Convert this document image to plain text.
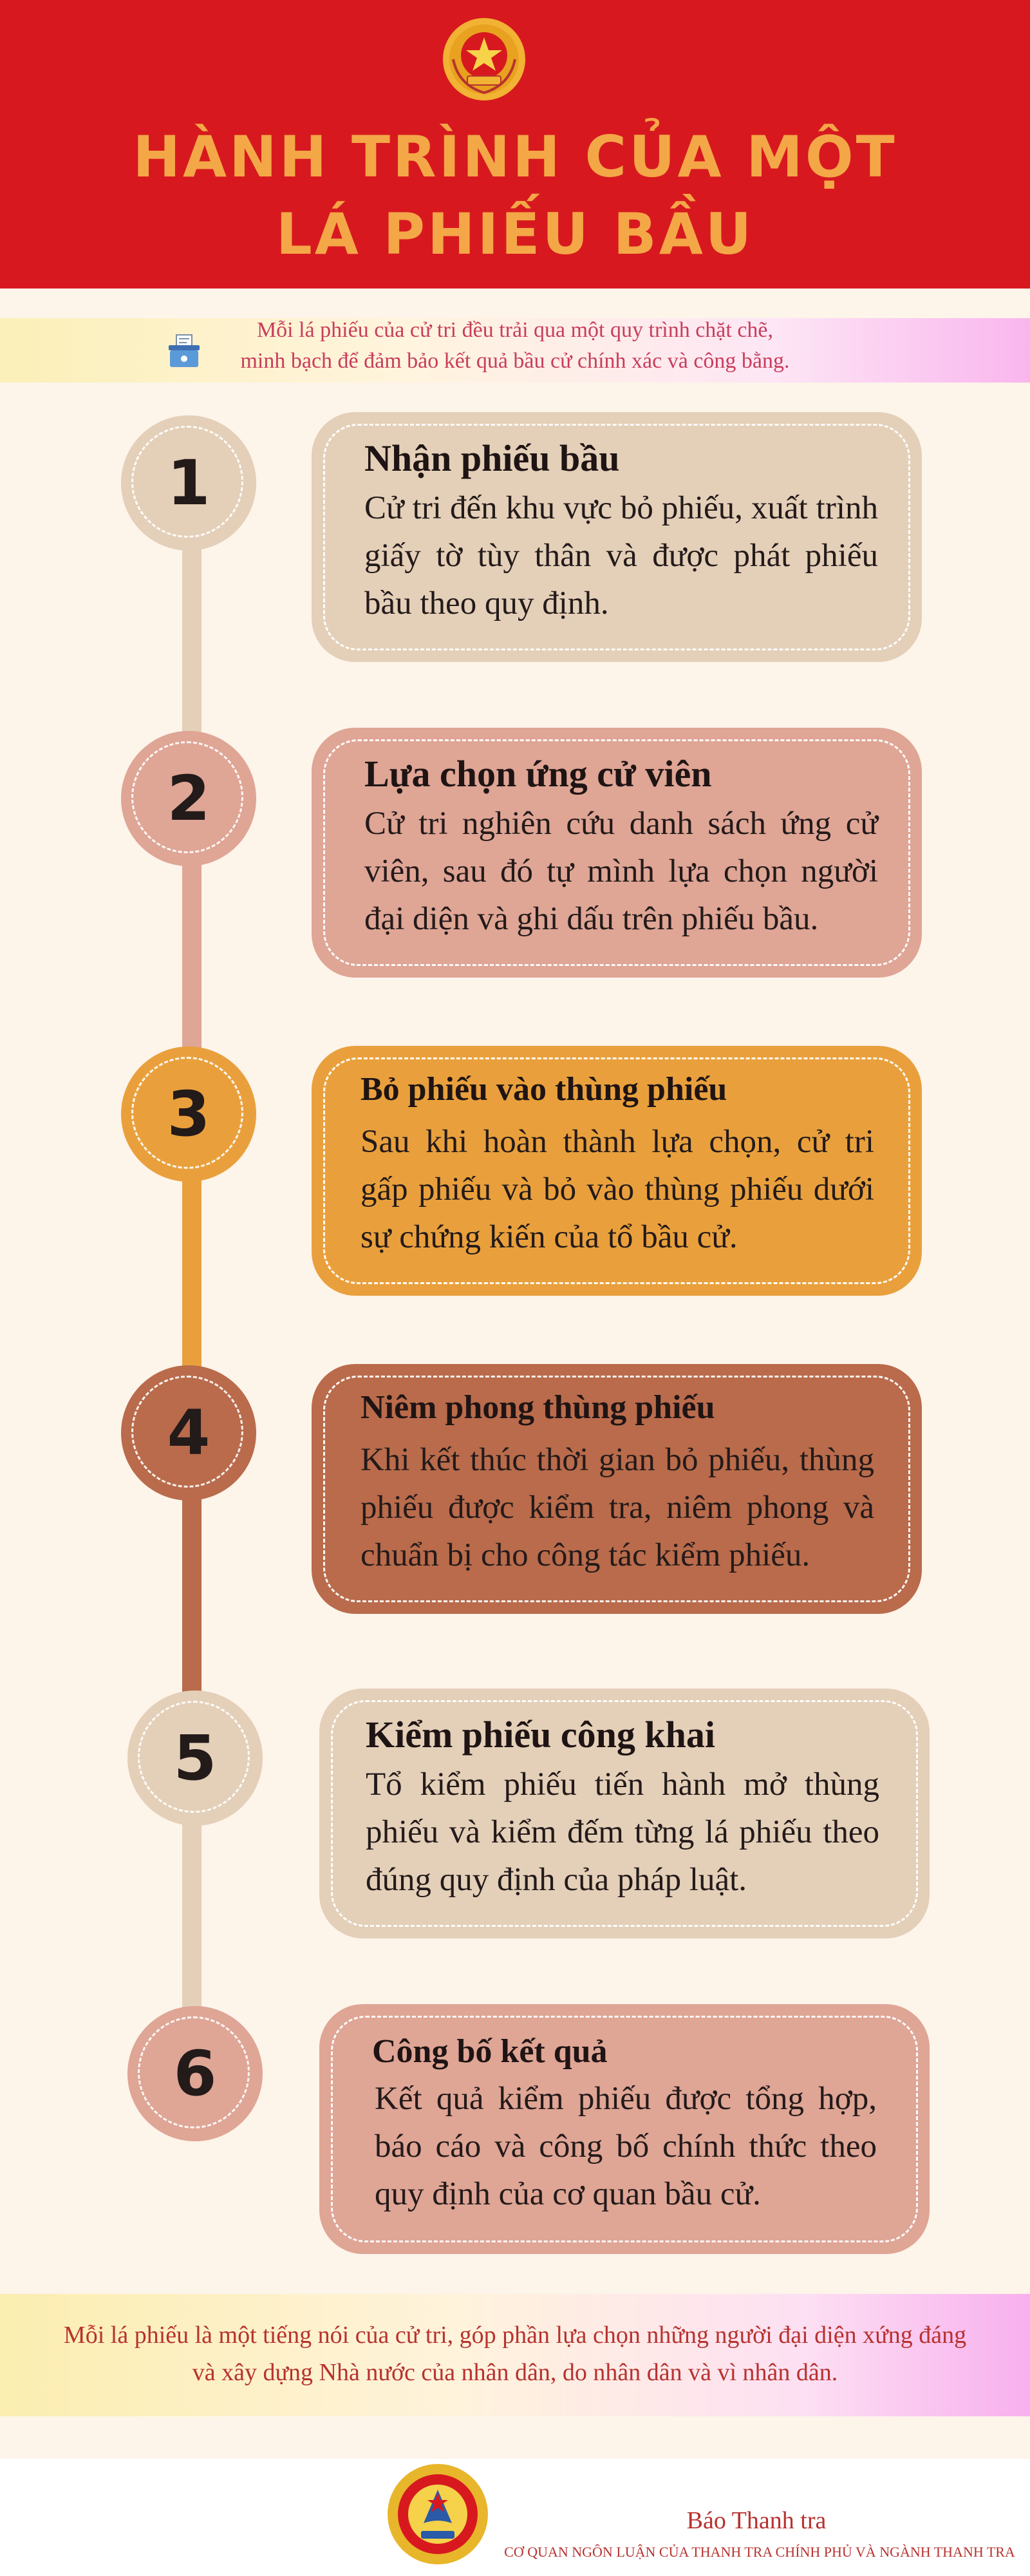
HÀNH TRÌNH CỦA MỘT
LÁ PHIẾU BẦU
Mỗi lá phiếu của cử tri đều trải qua một quy trình chặt chẽ,
minh bạch để đảm bảo kết quả bầu cử chính xác và công bằng.
1	Nhận phiếu bầu
Cử tri đến khu vực bỏ phiếu, xuất trình giấy tờ tùy thân và được phát phiếu bầu theo quy định.
2	Lựa chọn ứng cử viên
Cử tri nghiên cứu danh sách ứng cử viên, sau đó tự mình lựa chọn người đại diện và ghi dấu trên phiếu bầu.
3	Bỏ phiếu vào thùng phiếu
Sau khi hoàn thành lựa chọn, cử tri gấp phiếu và bỏ vào thùng phiếu dưới sự chứng kiến của tổ bầu cử.
4	Niêm phong thùng phiếu
Khi kết thúc thời gian bỏ phiếu, thùng phiếu được kiểm tra, niêm phong và chuẩn bị cho công tác kiểm phiếu.
5	Kiểm phiếu công khai
Tổ kiểm phiếu tiến hành mở thùng phiếu và kiểm đếm từng lá phiếu theo đúng quy định của pháp luật.
6	Công bố kết quả
Kết quả kiểm phiếu được tổng hợp, báo cáo và công bố chính thức theo quy định của cơ quan bầu cử.
Mỗi lá phiếu là một tiếng nói của cử tri, góp phần lựa chọn những người đại diện xứng đáng
và xây dựng Nhà nước của nhân dân, do nhân dân và vì nhân dân.
Báo Thanh tra
CƠ QUAN NGÔN LUẬN CỦA THANH TRA CHÍNH PHỦ VÀ NGÀNH THANH TRA
